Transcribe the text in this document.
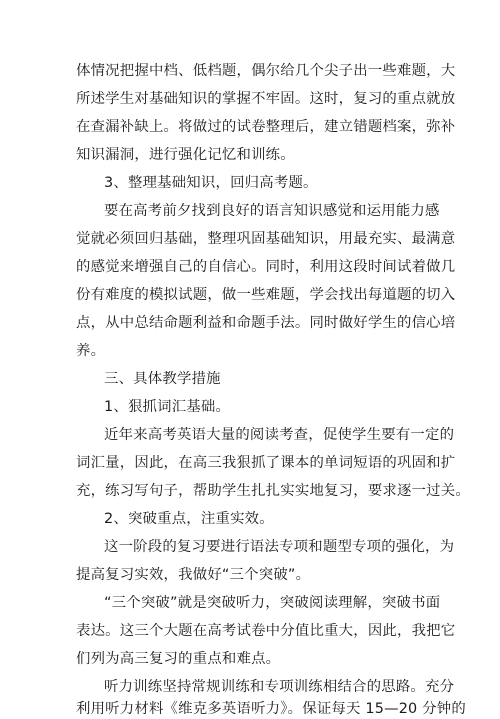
体情况把握中档、低档题，偶尔给几个尖子出一些难题，大
所述学生对基础知识的掌握不牢固。这时，复习的重点就放
在查漏补缺上。将做过的试卷整理后，建立错题档案，弥补
知识漏洞，进行强化记忆和训练。
3、整理基础知识，回归高考题。
要在高考前夕找到良好的语言知识感觉和运用能力感
觉就必须回归基础，整理巩固基础知识，用最充实、最满意
的感觉来增强自己的自信心。同时，利用这段时间试着做几
份有难度的模拟试题，做一些难题，学会找出每道题的切入
点，从中总结命题利益和命题手法。同时做好学生的信心培
养。
三、具体教学措施
1、狠抓词汇基础。
近年来高考英语大量的阅读考查，促使学生要有一定的
词汇量，因此，在高三我狠抓了课本的单词短语的巩固和扩
充，练习写句子，帮助学生扎扎实实地复习，要求逐一过关。
2、突破重点，注重实效。
这一阶段的复习要进行语法专项和题型专项的强化，为
提高复习实效，我做好“三个突破”。
“三个突破”就是突破听力，突破阅读理解，突破书面
表达。这三个大题在高考试卷中分值比重大，因此，我把它
们列为高三复习的重点和难点。
听力训练坚持常规训练和专项训练相结合的思路。充分
利用听力材料《维克多英语听力》。保证每天 15—20 分钟的
